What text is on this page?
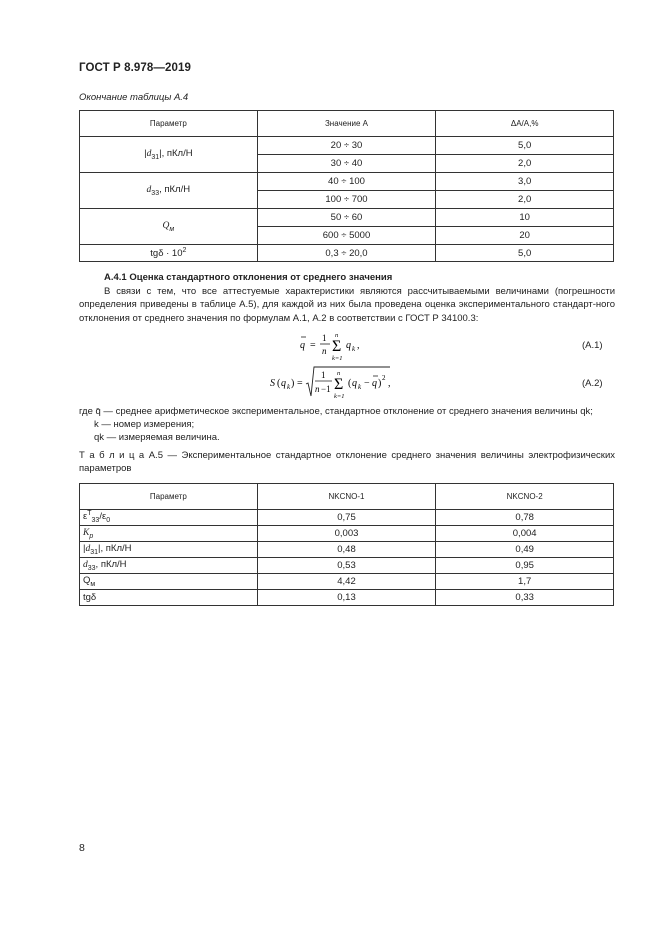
ГОСТ Р 8.978—2019
Окончание таблицы А.4
Параметр	Значение А	ΔA/A,%
$|d_{31}|$, пКл/Н	20 ÷ 30	5,0
	30 ÷ 40	2,0
$d_{33}$, пКл/Н	40 ÷ 100	3,0
	100 ÷ 700	2,0
$Q_м$	50 ÷ 60	10
	600 ÷ 5000	20
$tg\delta \cdot 10^2$	0,3 ÷ 20,0	5,0
А.4.1 Оценка стандартного отклонения от среднего значения
В связи с тем, что все аттестуемые характеристики являются рассчитываемыми величинами (погрешности определения приведены в таблице А.5), для каждой из них была проведена оценка экспериментального стандарт-ного отклонения от среднего значения по формулам А.1, А.2 в соответствии с ГОСТ Р 34100.3:
q =
1
n Σ
n
k=1
q k ,	(А.1)
S ( q k ) =
1
n −1 Σ
n
k=1
( q k − q ) 2 ,	(А.2)
где q̄ — среднее арифметическое экспериментальное, стандартное отклонение от среднего значения величины qk;
k — номер измерения;
qk — измеряемая величина.
Т а б л и ц а А.5 — Экспериментальное стандартное отклонение среднего значения величины электрофизических параметров
Параметр	NKCNO-1	NKCNO-2
$\varepsilon^T_{33}/\varepsilon_0$	0,75	0,78
$K_p$	0,003	0,004
$|d_{31}|$, пКл/Н	0,48	0,49
$d_{33}$, пКл/Н	0,53	0,95
$Q_м$	4,42	1,7
tgδ	0,13	0,33
8
